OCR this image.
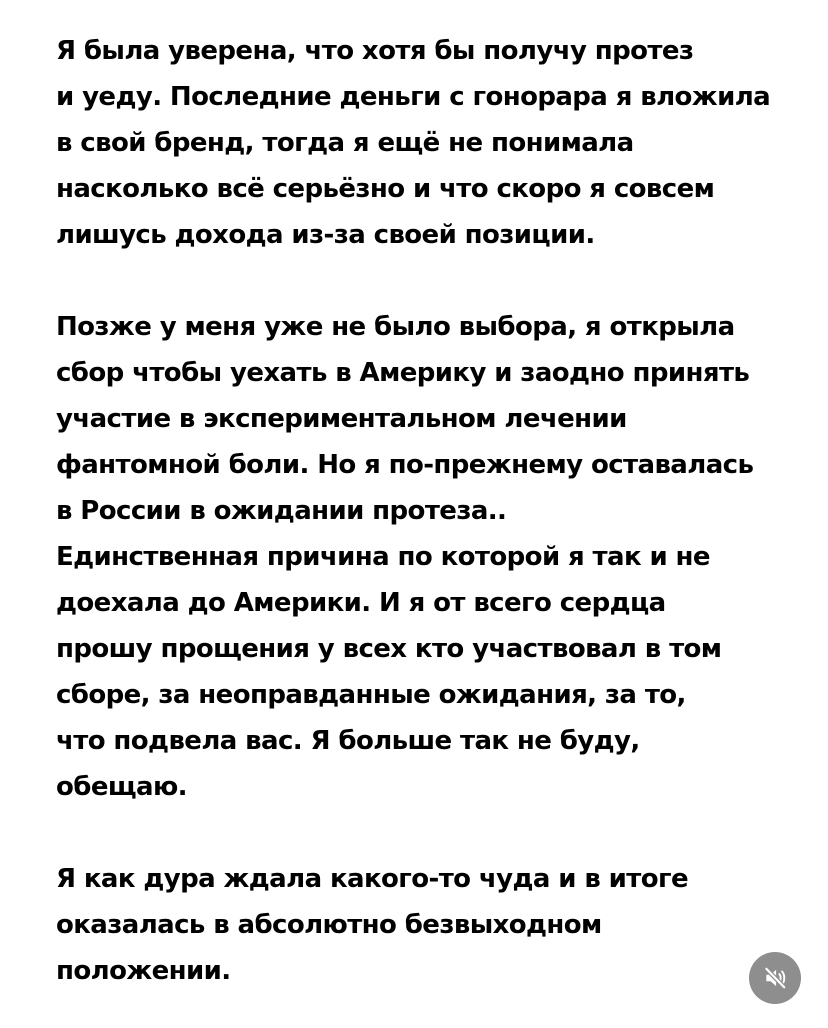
Я была уверена, что хотя бы получу протез
и уеду. Последние деньги с гонорара я вложила
в свой бренд, тогда я ещё не понимала
насколько всё серьёзно и что скоро я совсем
лишусь дохода из-за своей позиции.
Позже у меня уже не было выбора, я открыла
сбор чтобы уехать в Америку и заодно принять
участие в экспериментальном лечении
фантомной боли. Но я по-прежнему оставалась
в России в ожидании протеза..
Единственная причина по которой я так и не
доехала до Америки. И я от всего сердца
прошу прощения у всех кто участвовал в том
сборе, за неоправданные ожидания, за то,
что подвела вас. Я больше так не буду,
обещаю.
Я как дура ждала какого-то чуда и в итоге
оказалась в абсолютно безвыходном
положении.
